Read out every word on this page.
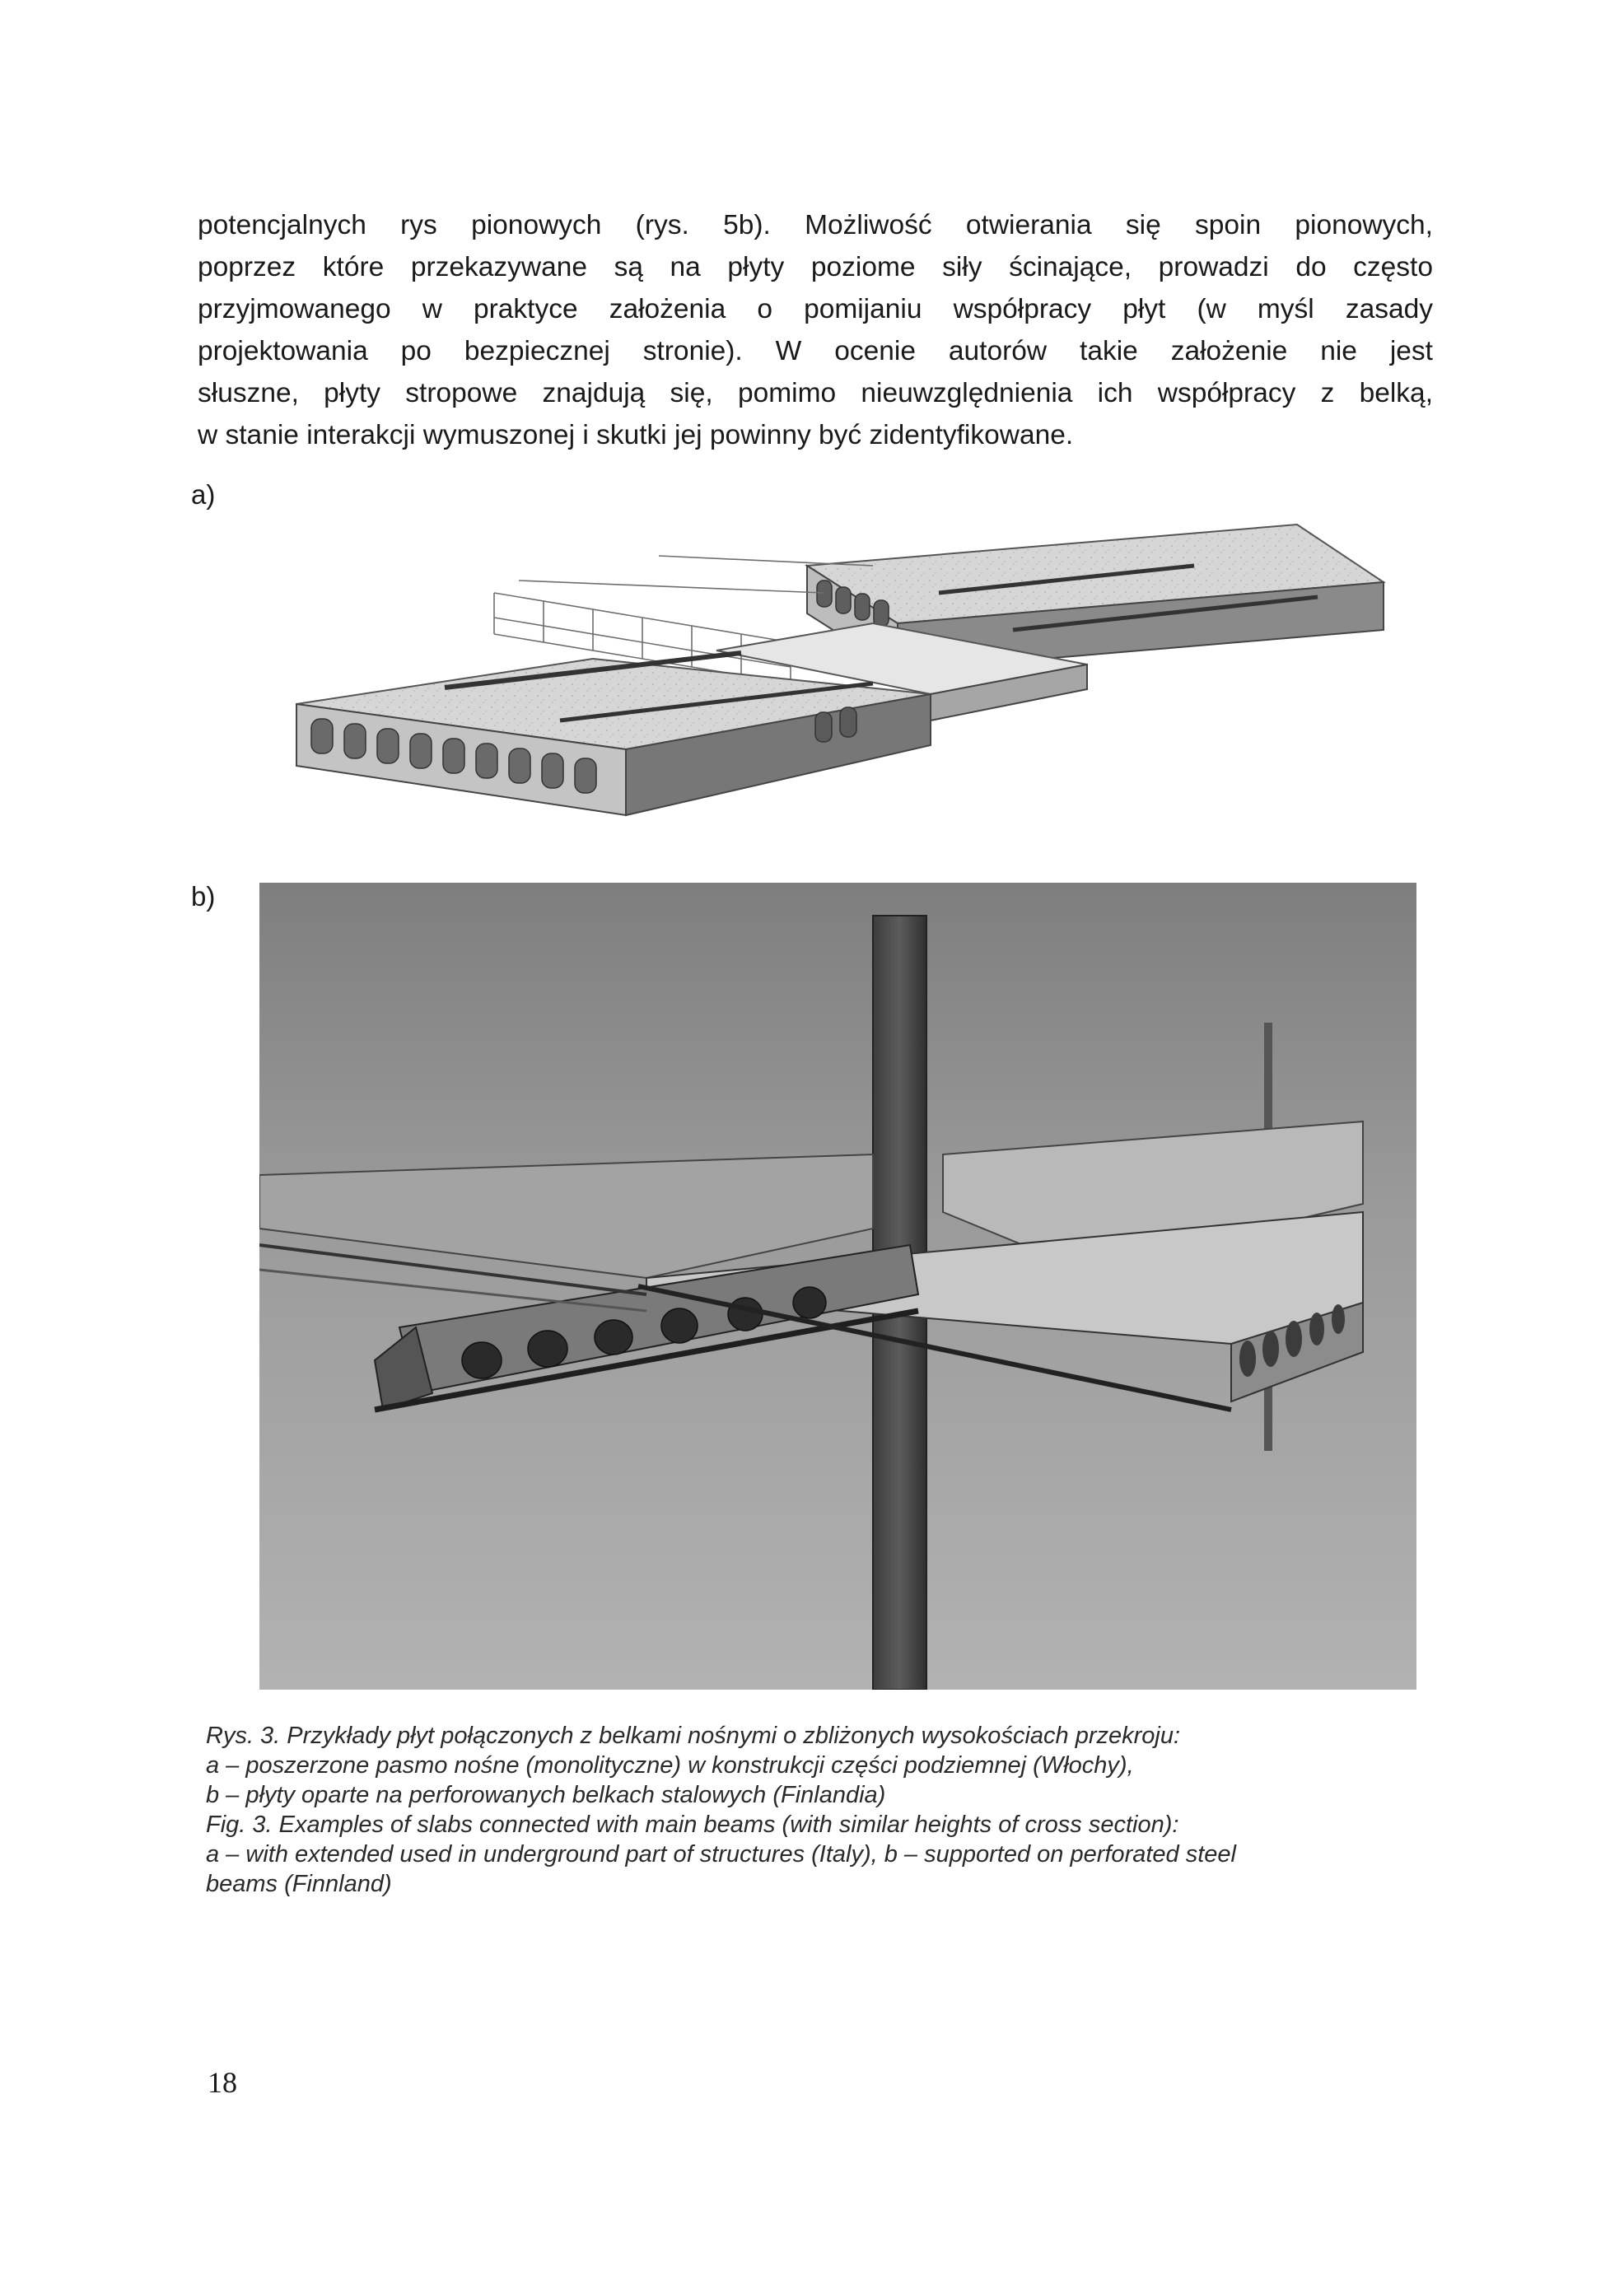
potencjalnych rys pionowych (rys. 5b). Możliwość otwierania się spoin pionowych,
poprzez które przekazywane są na płyty poziome siły ścinające, prowadzi do często
przyjmowanego w praktyce założenia o pomijaniu współpracy płyt (w myśl zasady
projektowania po bezpiecznej stronie). W ocenie autorów takie założenie nie jest
słuszne, płyty stropowe znajdują się, pomimo nieuwzględnienia ich współpracy z belką,
w stanie interakcji wymuszonej i skutki jej powinny być zidentyfikowane.

a)
b)
Rys. 3. Przykłady płyt połączonych z belkami nośnymi o zbliżonych wysokościach przekroju:
a – poszerzone pasmo nośne (monolityczne) w konstrukcji części podziemnej (Włochy),
b – płyty oparte na perforowanych belkach stalowych (Finlandia)
Fig. 3. Examples of slabs connected with main beams (with similar heights of cross section):
a – with extended used in underground part of structures (Italy), b – supported on perforated steel
beams (Finnland)
18
